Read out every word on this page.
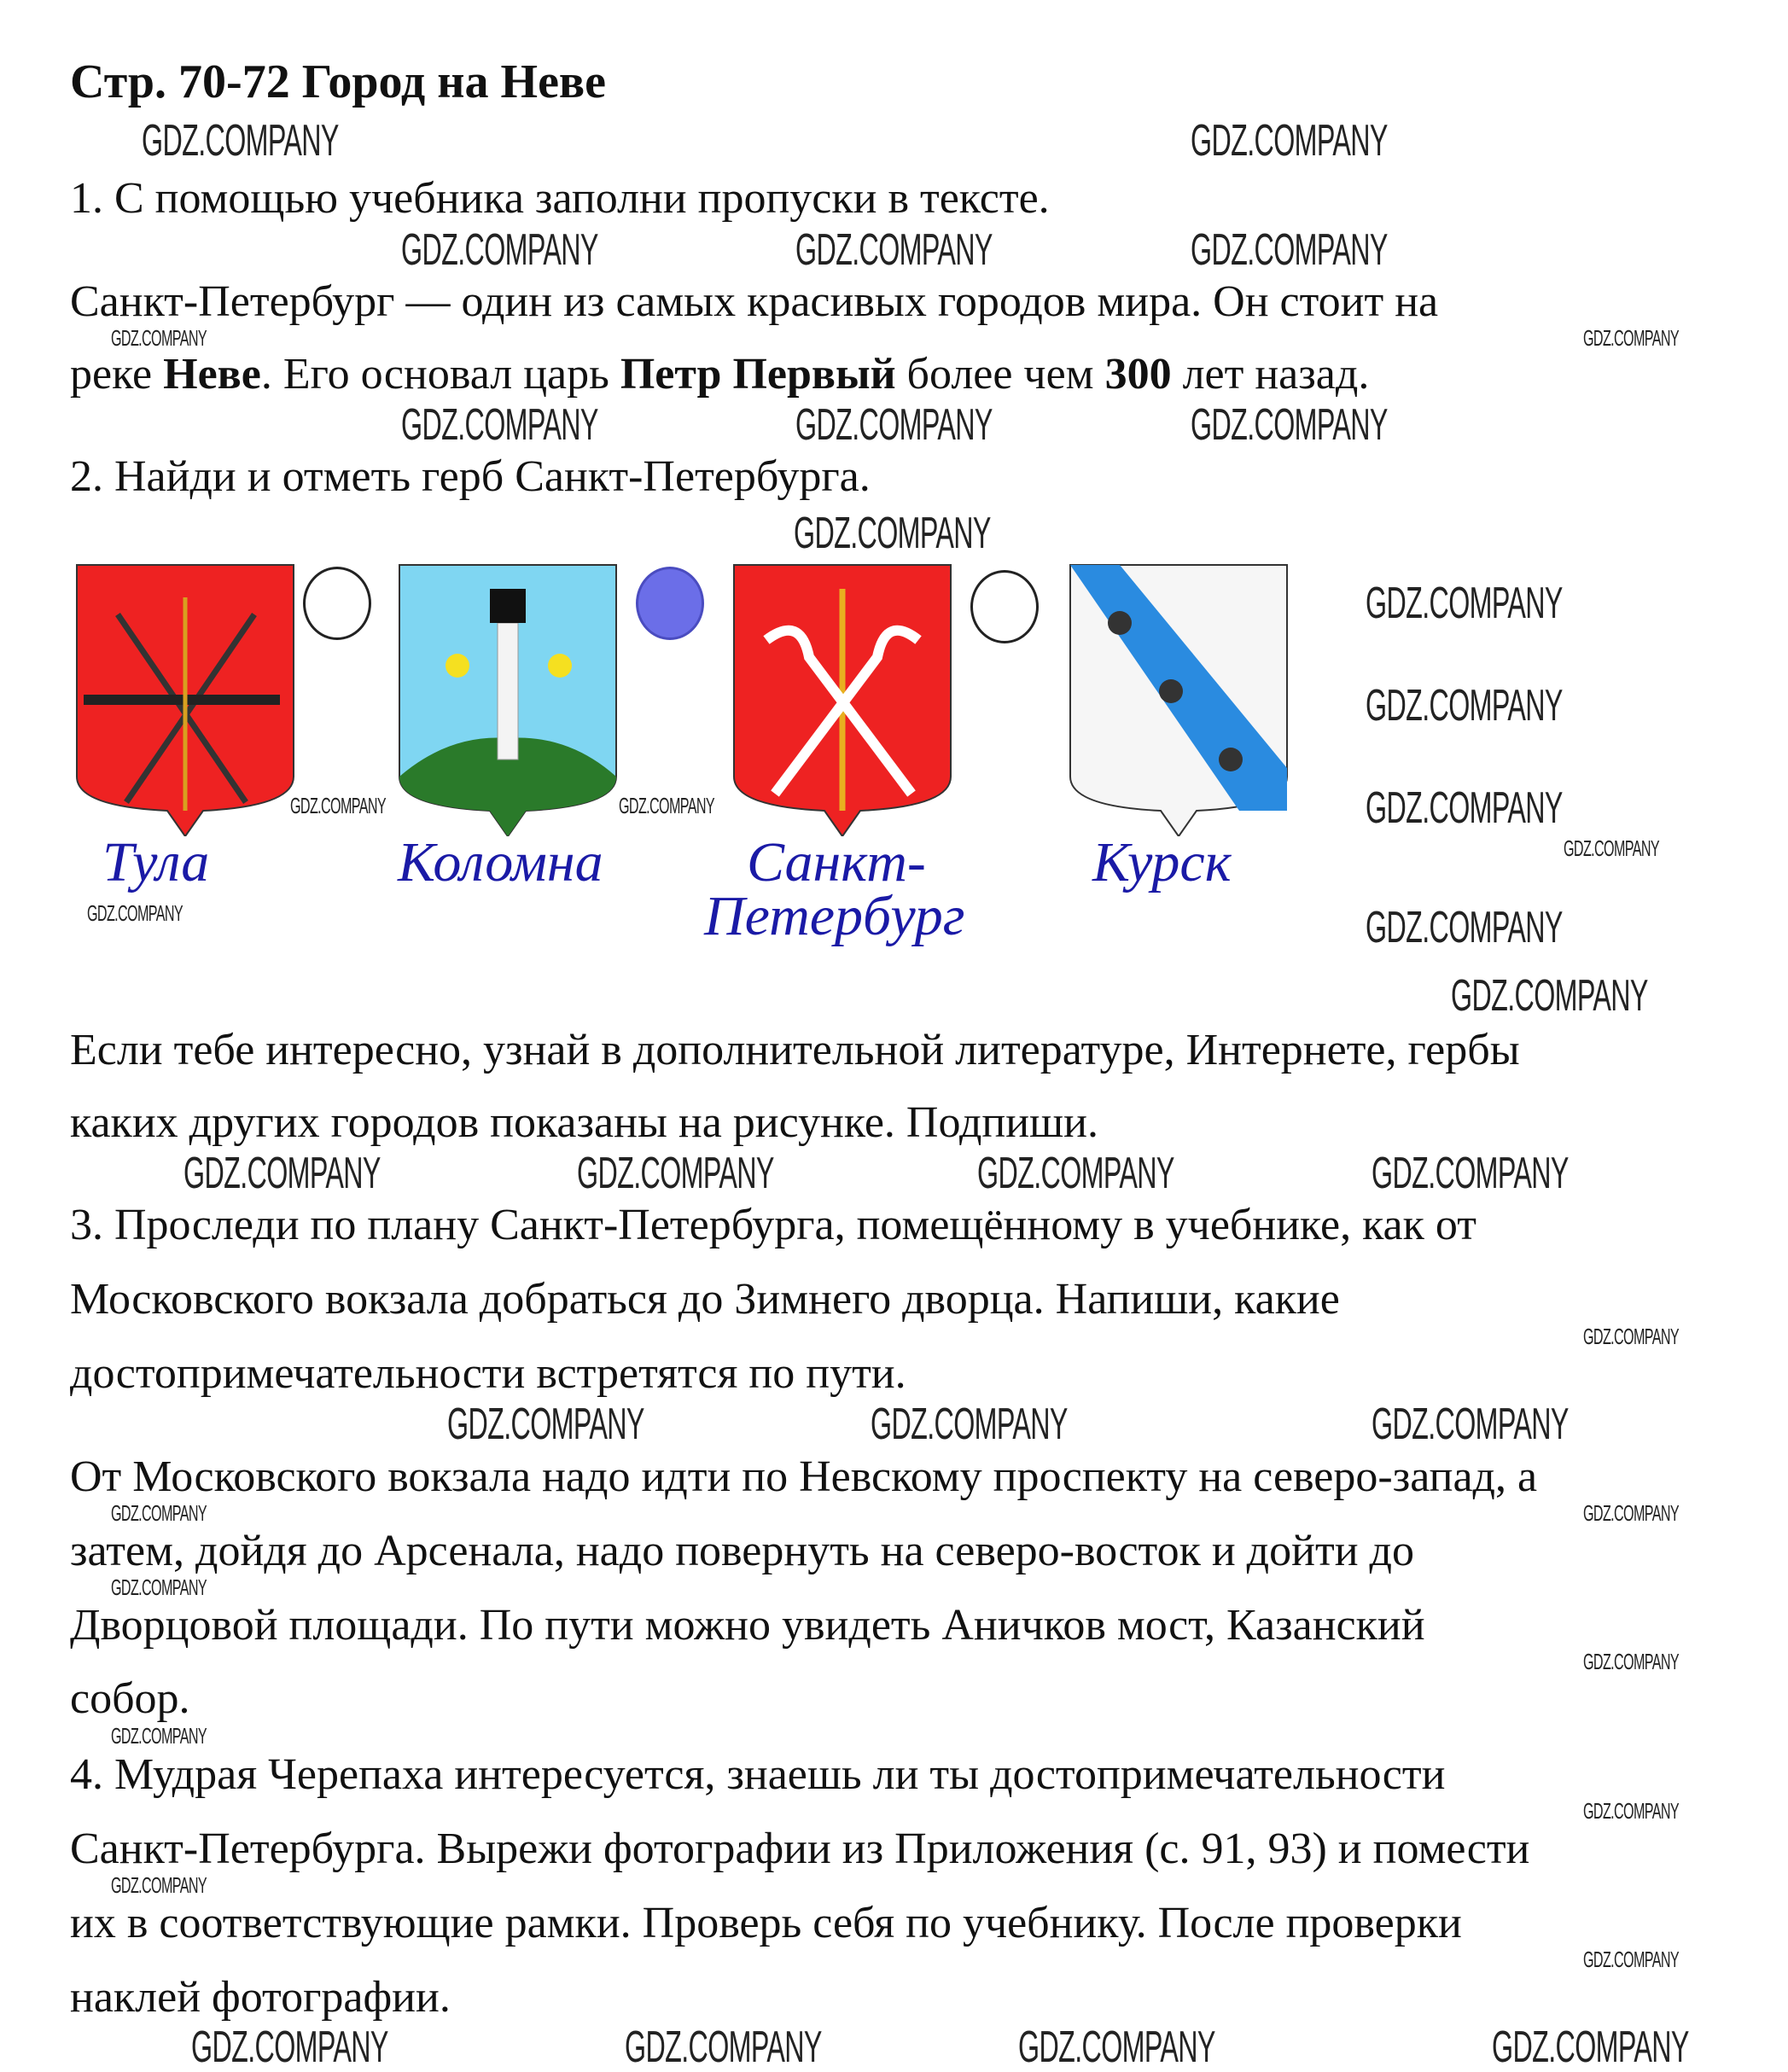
Стр. 70-72 Город на Неве
1. С помощью учебника заполни пропуски в тексте.
Санкт-Петербург — один из самых красивых городов мира. Он стоит на
реке Неве. Его основал царь Петр Первый более чем 300 лет назад.
2. Найди и отметь герб Санкт-Петербурга.
Тула	Коломна	Санкт-
Петербург
Курск
Если тебе интересно, узнай в дополнительной литературе, Интернете, гербы
каких других городов показаны на рисунке. Подпиши.
3. Проследи по плану Санкт-Петербурга, помещённому в учебнике, как от
Московского вокзала добраться до Зимнего дворца. Напиши, какие
достопримечательности встретятся по пути.
От Московского вокзала надо идти по Невскому проспекту на северо-запад, а
затем, дойдя до Арсенала, надо повернуть на северо-восток и дойти до
Дворцовой площади. По пути можно увидеть Аничков мост, Казанский
собор.
4. Мудрая Черепаха интересуется, знаешь ли ты достопримечательности
Санкт-Петербурга. Вырежи фотографии из Приложения (с. 91, 93) и помести
их в соответствующие рамки. Проверь себя по учебнику. После проверки
наклей фотографии.
GDZ.COMPANY	GDZ.COMPANY
GDZ.COMPANY	GDZ.COMPANY	GDZ.COMPANY
GDZ.COMPANY	GDZ.COMPANY	GDZ.COMPANY
GDZ.COMPANY
GDZ.COMPANY
GDZ.COMPANY
GDZ.COMPANY
GDZ.COMPANY
GDZ.COMPANY
GDZ.COMPANY	GDZ.COMPANY	GDZ.COMPANY	GDZ.COMPANY
GDZ.COMPANY	GDZ.COMPANY	GDZ.COMPANY
GDZ.COMPANY	GDZ.COMPANY	GDZ.COMPANY	GDZ.COMPANY
GDZ.COMPANY	GDZ.COMPANY
GDZ.COMPANY	GDZ.COMPANY
GDZ.COMPANY
GDZ.COMPANY
GDZ.COMPANY
GDZ.COMPANY	GDZ.COMPANY
GDZ.COMPANY
GDZ.COMPANY
GDZ.COMPANY
GDZ.COMPANY
GDZ.COMPANY
GDZ.COMPANY
